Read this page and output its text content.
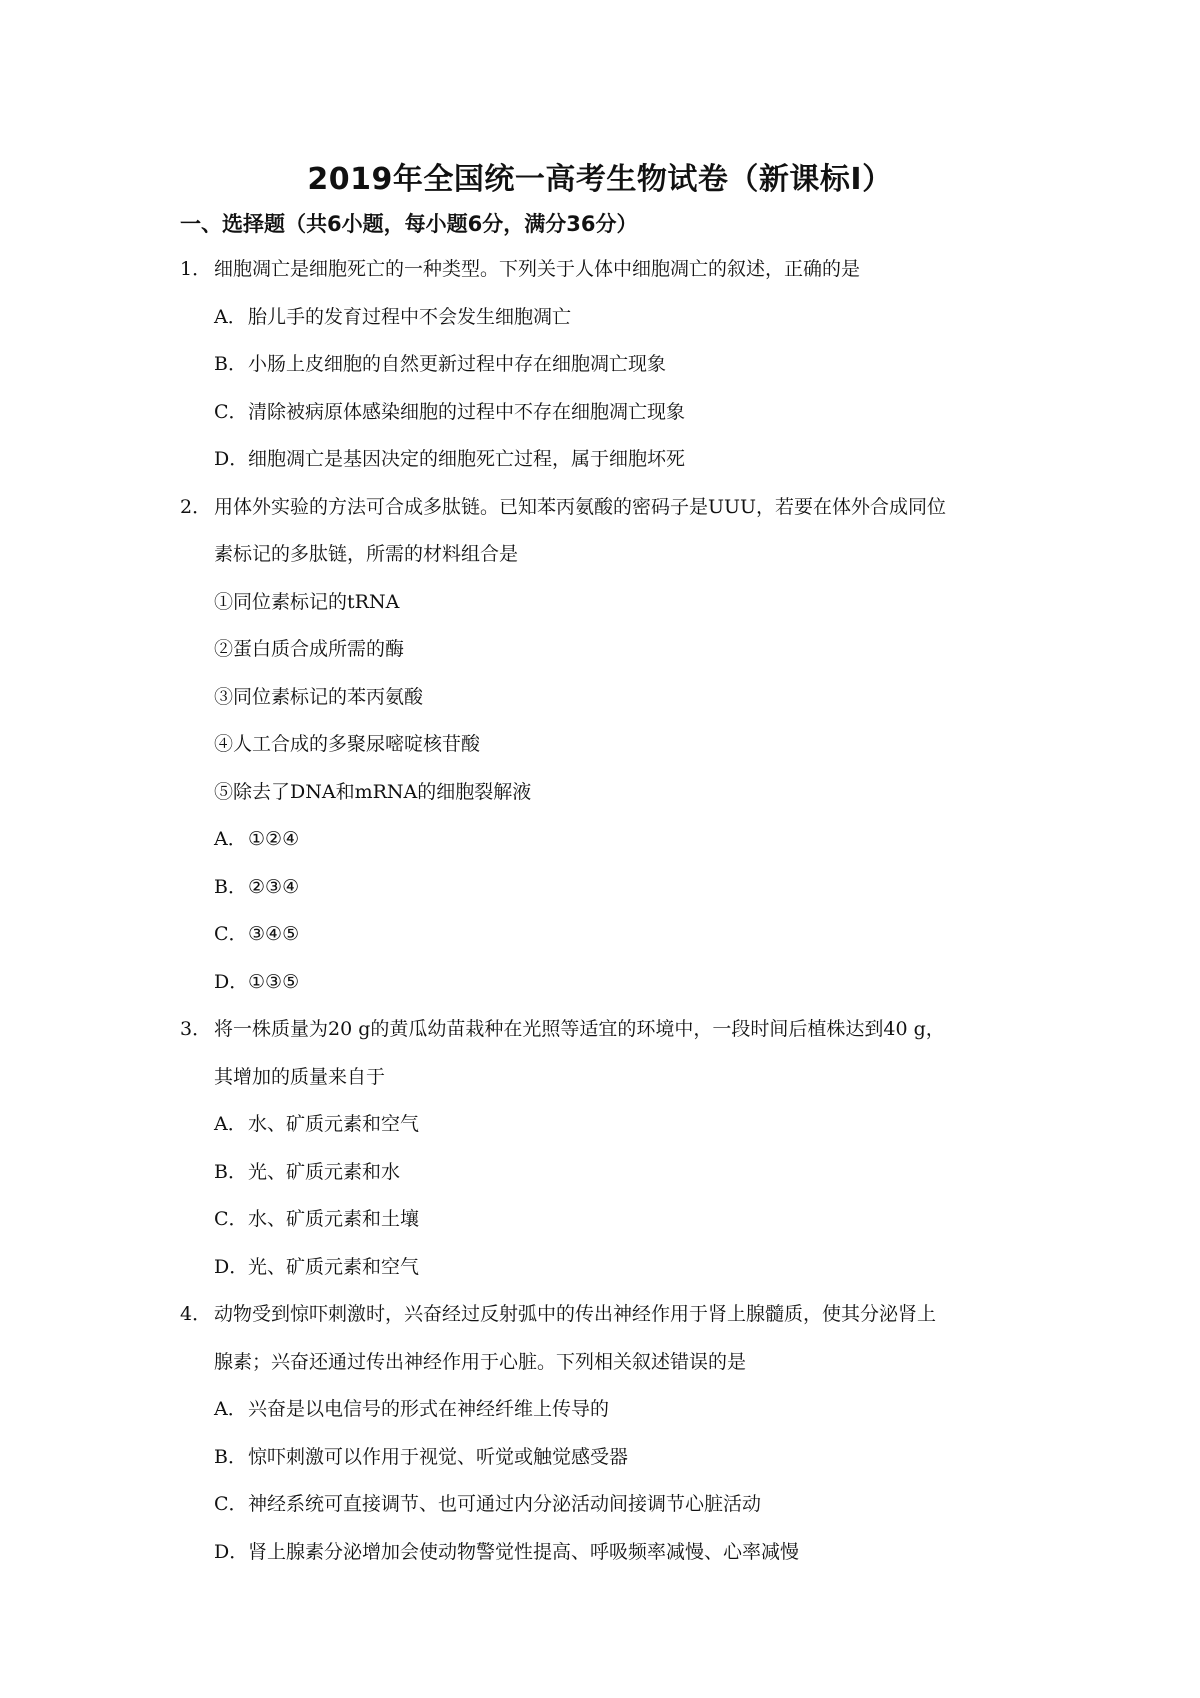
2019年全国统一高考生物试卷（新课标Ⅰ）
一、选择题（共6小题，每小题6分，满分36分）
1． 细胞凋亡是细胞死亡的一种类型。下列关于人体中细胞凋亡的叙述，正确的是
A．胎儿手的发育过程中不会发生细胞凋亡
B．小肠上皮细胞的自然更新过程中存在细胞凋亡现象
C．清除被病原体感染细胞的过程中不存在细胞凋亡现象
D．细胞凋亡是基因决定的细胞死亡过程，属于细胞坏死
2． 用体外实验的方法可合成多肽链。已知苯丙氨酸的密码子是UUU，若要在体外合成同位
素标记的多肽链，所需的材料组合是
①同位素标记的tRNA
②蛋白质合成所需的酶
③同位素标记的苯丙氨酸
④人工合成的多聚尿嘧啶核苷酸
⑤除去了DNA和mRNA的细胞裂解液
A．①②④
B．②③④
C．③④⑤
D．①③⑤
3． 将一株质量为20 g的黄瓜幼苗栽种在光照等适宜的环境中，一段时间后植株达到40 g，
其增加的质量来自于
A．水、矿质元素和空气
B．光、矿质元素和水
C．水、矿质元素和土壤
D．光、矿质元素和空气
4． 动物受到惊吓刺激时，兴奋经过反射弧中的传出神经作用于肾上腺髓质，使其分泌肾上
腺素；兴奋还通过传出神经作用于心脏。下列相关叙述错误的是
A．兴奋是以电信号的形式在神经纤维上传导的
B．惊吓刺激可以作用于视觉、听觉或触觉感受器
C．神经系统可直接调节、也可通过内分泌活动间接调节心脏活动
D．肾上腺素分泌增加会使动物警觉性提高、呼吸频率减慢、心率减慢
